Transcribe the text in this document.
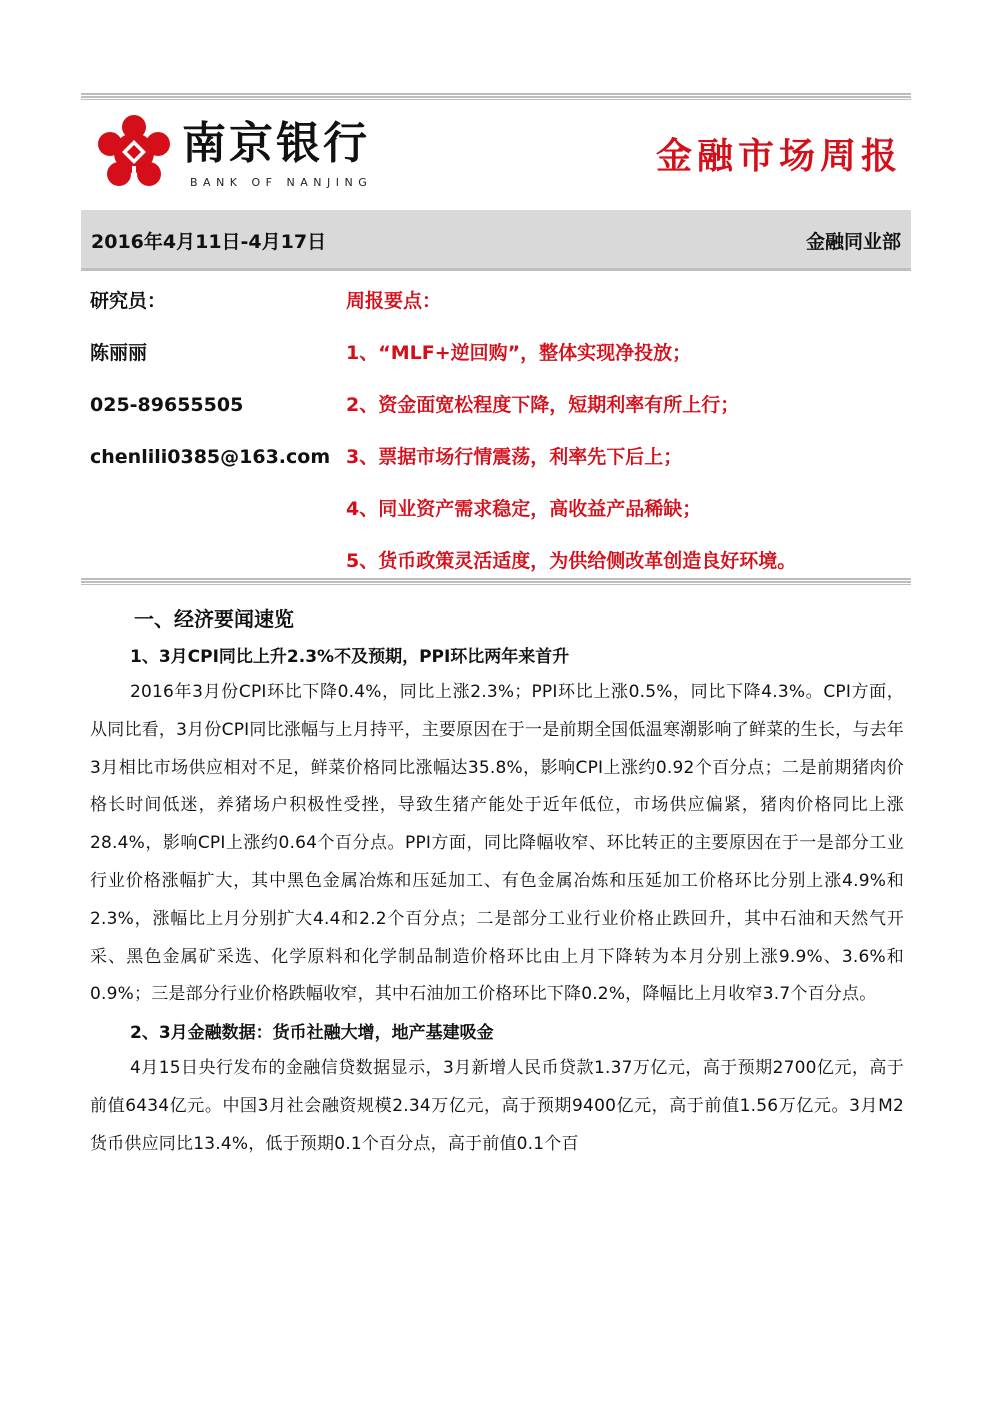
南京银行
BANK OF NANJING
金融市场周报
2016年4月11日-4月17日	金融同业部
研究员：
陈丽丽
025-89655505
chenlili0385@163.com
周报要点：
1、“MLF+逆回购”，整体实现净投放；
2、资金面宽松程度下降，短期利率有所上行；
3、票据市场行情震荡，利率先下后上；
4、同业资产需求稳定，高收益产品稀缺；
5、货币政策灵活适度，为供给侧改革创造良好环境。
一、经济要闻速览
1、3月CPI同比上升2.3%不及预期，PPI环比两年来首升

2016年3月份CPI环比下降0.4%，同比上涨2.3%；PPI环比上涨0.5%，同比下降4.3%。CPI方面，从同比看，3月份CPI同比涨幅与上月持平，主要原因在于一是前期全国低温寒潮影响了鲜菜的生长，与去年3月相比市场供应相对不足，鲜菜价格同比涨幅达35.8%，影响CPI上涨约0.92个百分点；二是前期猪肉价格长时间低迷，养猪场户积极性受挫，导致生猪产能处于近年低位，市场供应偏紧，猪肉价格同比上涨28.4%，影响CPI上涨约0.64个百分点。PPI方面，同比降幅收窄、环比转正的主要原因在于一是部分工业行业价格涨幅扩大，其中黑色金属冶炼和压延加工、有色金属冶炼和压延加工价格环比分别上涨4.9%和2.3%，涨幅比上月分别扩大4.4和2.2个百分点；二是部分工业行业价格止跌回升，其中石油和天然气开采、黑色金属矿采选、化学原料和化学制品制造价格环比由上月下降转为本月分别上涨9.9%、3.6%和0.9%；三是部分行业价格跌幅收窄，其中石油加工价格环比下降0.2%，降幅比上月收窄3.7个百分点。

2、3月金融数据：货币社融大增，地产基建吸金

4月15日央行发布的金融信贷数据显示，3月新增人民币贷款1.37万亿元，高于预期2700亿元，高于前值6434亿元。中国3月社会融资规模2.34万亿元，高于预期9400亿元，高于前值1.56万亿元。3月M2货币供应同比13.4%，低于预期0.1个百分点，高于前值0.1个百
